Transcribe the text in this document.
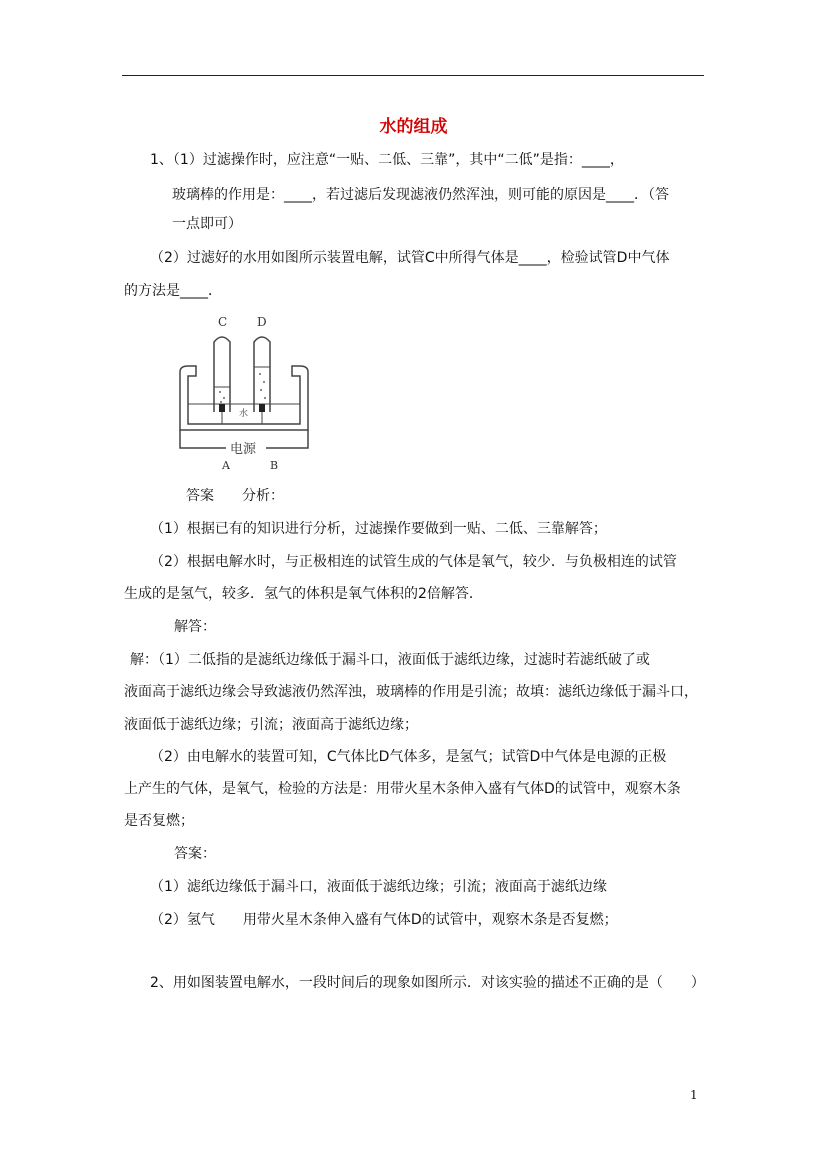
水的组成
1、（1）过滤操作时，应注意“一贴、二低、三靠”，其中“二低”是指：____，
玻璃棒的作用是：____，若过滤后发现滤液仍然浑浊，则可能的原因是____．（答
一点即可）
（2）过滤好的水用如图所示装置电解，试管C中所得气体是____，检验试管D中气体
的方法是____．
C D
水
电源
A	B
答案　　分析：
（1）根据已有的知识进行分析，过滤操作要做到一贴、二低、三靠解答；
（2）根据电解水时，与正极相连的试管生成的气体是氧气，较少．与负极相连的试管
生成的是氢气，较多．氢气的体积是氧气体积的2倍解答．
解答：
解：（1）二低指的是滤纸边缘低于漏斗口，液面低于滤纸边缘，过滤时若滤纸破了或
液面高于滤纸边缘会导致滤液仍然浑浊，玻璃棒的作用是引流；故填：滤纸边缘低于漏斗口，
液面低于滤纸边缘；引流；液面高于滤纸边缘；
（2）由电解水的装置可知，C气体比D气体多，是氢气；试管D中气体是电源的正极
上产生的气体，是氧气，检验的方法是：用带火星木条伸入盛有气体D的试管中，观察木条
是否复燃；
答案：
（1）滤纸边缘低于漏斗口，液面低于滤纸边缘；引流；液面高于滤纸边缘
（2）氢气　　用带火星木条伸入盛有气体D的试管中，观察木条是否复燃；
2、用如图装置电解水，一段时间后的现象如图所示．对该实验的描述不正确的是（　　）
1
